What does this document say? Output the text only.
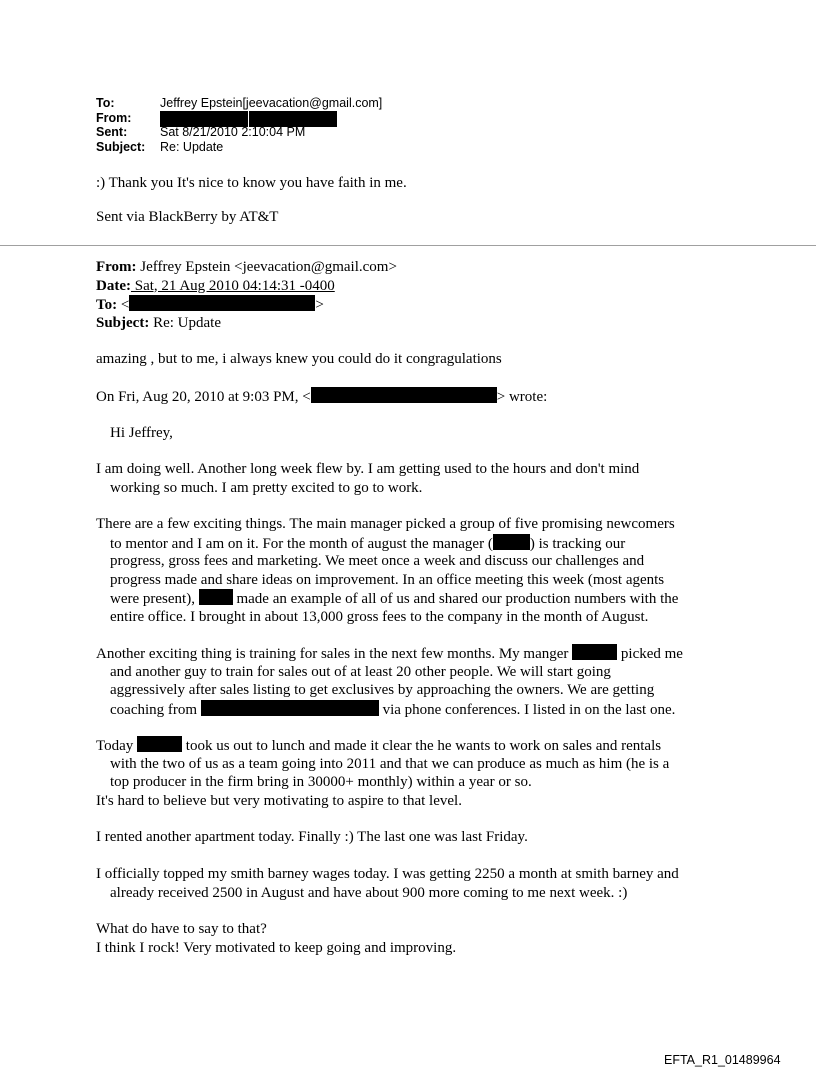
To:	Jeffrey Epstein[jeevacation@gmail.com]
From:
Sent:	Sat 8/21/2010 2:10:04 PM
Subject:	Re: Update
:) Thank you It's nice to know you have faith in me.
Sent via BlackBerry by AT&T
From: Jeffrey Epstein <jeevacation@gmail.com>
Date: Sat, 21 Aug 2010 04:14:31 -0400
To: <	>
Subject: Re: Update
amazing , but to me, i always knew you could do it congragulations
On Fri, Aug 20, 2010 at 9:03 PM, <	> wrote:
Hi Jeffrey,
I am doing well. Another long week flew by. I am getting used to the hours and don't mind
working so much. I am pretty excited to go to work.
There are a few exciting things. The main manager picked a group of five promising newcomers
to mentor and I am on it. For the month of august the manager ( ) is tracking our
progress, gross fees and marketing. We meet once a week and discuss our challenges and
progress made and share ideas on improvement. In an office meeting this week (most agents
were present),  made an example of all of us and shared our production numbers with the
entire office. I brought in about 13,000 gross fees to the company in the month of August.
Another exciting thing is training for sales in the next few months. My manger	picked me
and another guy to train for sales out of at least 20 other people. We will start going
aggressively after sales listing to get exclusives by approaching the owners. We are getting
coaching from	via phone conferences. I listed in on the last one.
Today	took us out to lunch and made it clear the he wants to work on sales and rentals
with the two of us as a team going into 2011 and that we can produce as much as him (he is a
top producer in the firm bring in 30000+ monthly) within a year or so.
It's hard to believe but very motivating to aspire to that level.
I rented another apartment today. Finally :) The last one was last Friday.
I officially topped my smith barney wages today. I was getting 2250 a month at smith barney and
already received 2500 in August and have about 900 more coming to me next week. :)
What do have to say to that?
I think I rock! Very motivated to keep going and improving.
EFTA_R1_01489964
